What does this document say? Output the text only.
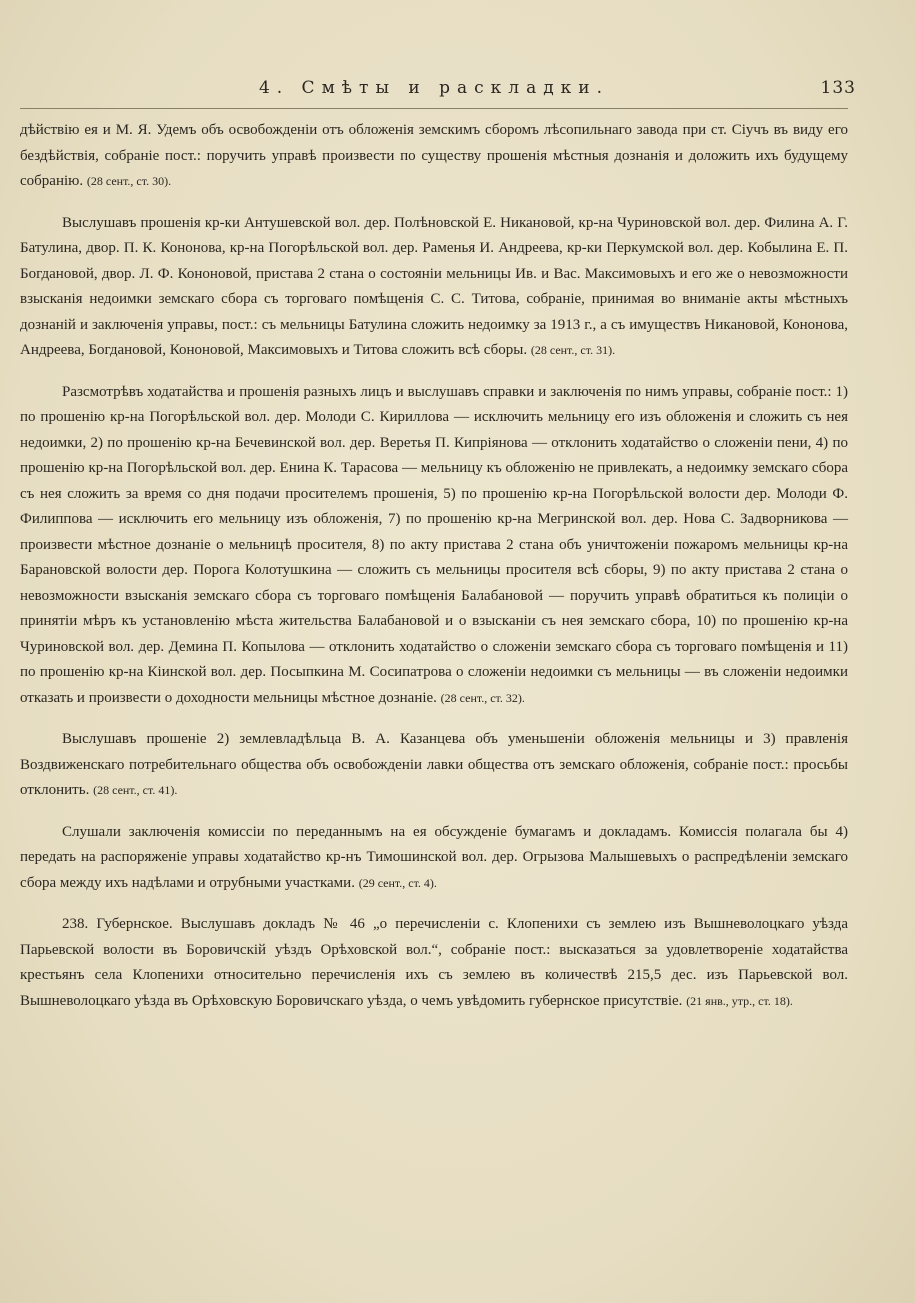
4. Смѣты и раскладки.	133

дѣйствію ея и М. Я. Удемъ объ освобожденіи отъ обложенія земскимъ сборомъ лѣсопильнаго завода при ст. Сіучъ въ виду его бездѣйствія, собраніе пост.: поручить управѣ произвести по существу прошенія мѣстныя дознанія и доложить ихъ будущему собранію. (28 сент., ст. 30).

Выслушавъ прошенія кр-ки Антушевской вол. дер. Полѣновской Е. Никановой, кр-на Чуриновской вол. дер. Филина А. Г. Батулина, двор. П. К. Кононова, кр-на Погорѣльской вол. дер. Раменья И. Андреева, кр-ки Перкумской вол. дер. Кобылина Е. П. Богдановой, двор. Л. Ф. Кононовой, пристава 2 стана о состояніи мельницы Ив. и Вас. Максимовыхъ и его же о невозможности взысканія недоимки земскаго сбора съ торговаго помѣщенія С. С. Титова, собраніе, принимая во вниманіе акты мѣстныхъ дознаній и заключенія управы, пост.: съ мельницы Батулина сложить недоимку за 1913 г., а съ имуществъ Никановой, Кононова, Андреева, Богдановой, Кононовой, Максимовыхъ и Титова сложить всѣ сборы. (28 сент., ст. 31).

Разсмотрѣвъ ходатайства и прошенія разныхъ лицъ и выслушавъ справки и заключенія по нимъ управы, собраніе пост.: 1) по прошенію кр-на Погорѣльской вол. дер. Молоди С. Кириллова — исключить мельницу его изъ обложенія и сложить съ нея недоимки, 2) по прошенію кр-на Бечевинской вол. дер. Веретья П. Кипріянова — отклонить ходатайство о сложеніи пени, 4) по прошенію кр-на Погорѣльской вол. дер. Енина К. Тарасова — мельницу къ обложенію не привлекать, а недоимку земскаго сбора съ нея сложить за время со дня подачи просителемъ прошенія, 5) по прошенію кр-на Погорѣльской волости дер. Молоди Ф. Филиппова — исключить его мельницу изъ обложенія, 7) по прошенію кр-на Мегринской вол. дер. Нова С. Задворникова — произвести мѣстное дознаніе о мельницѣ просителя, 8) по акту пристава 2 стана объ уничтоженіи пожаромъ мельницы кр-на Барановской волости дер. Порога Колотушкина — сложить съ мельницы просителя всѣ сборы, 9) по акту пристава 2 стана о невозможности взысканія земскаго сбора съ торговаго помѣщенія Балабановой — поручить управѣ обратиться къ полиціи о принятіи мѣръ къ установленію мѣста жительства Балабановой и о взысканіи съ нея земскаго сбора, 10) по прошенію кр-на Чуриновской вол. дер. Демина П. Копылова — отклонить ходатайство о сложеніи земскаго сбора съ торговаго помѣщенія и 11) по прошенію кр-на Кіинской вол. дер. Посыпкина М. Сосипатрова о сложеніи недоимки съ мельницы — въ сложеніи недоимки отказать и произвести о доходности мельницы мѣстное дознаніе. (28 сент., ст. 32).

Выслушавъ прошеніе 2) землевладѣльца В. А. Казанцева объ уменьшеніи обложенія мельницы и 3) правленія Воздвиженскаго потребительнаго общества объ освобожденіи лавки общества отъ земскаго обложенія, собраніе пост.: просьбы отклонить. (28 сент., ст. 41).

Слушали заключенія комиссіи по переданнымъ на ея обсужденіе бумагамъ и докладамъ. Комиссія полагала бы 4) передать на распоряженіе управы ходатайство кр-нъ Тимошинской вол. дер. Огрызова Малышевыхъ о распредѣленіи земскаго сбора между ихъ надѣлами и отрубными участками. (29 сент., ст. 4).

238. Губернское. Выслушавъ докладъ № 46 „о перечисленіи с. Клопенихи съ землею изъ Вышневолоцкаго уѣзда Парьевской волости въ Боровичскій уѣздъ Орѣховской вол.“, собраніе пост.: высказаться за удовлетвореніе ходатайства крестьянъ села Клопенихи относительно перечисленія ихъ съ землею въ количествѣ 215,5 дес. изъ Парьевской вол. Вышневолоцкаго уѣзда въ Орѣховскую Боровичскаго уѣзда, о чемъ увѣдомить губернское присутствіе. (21 янв., утр., ст. 18).
